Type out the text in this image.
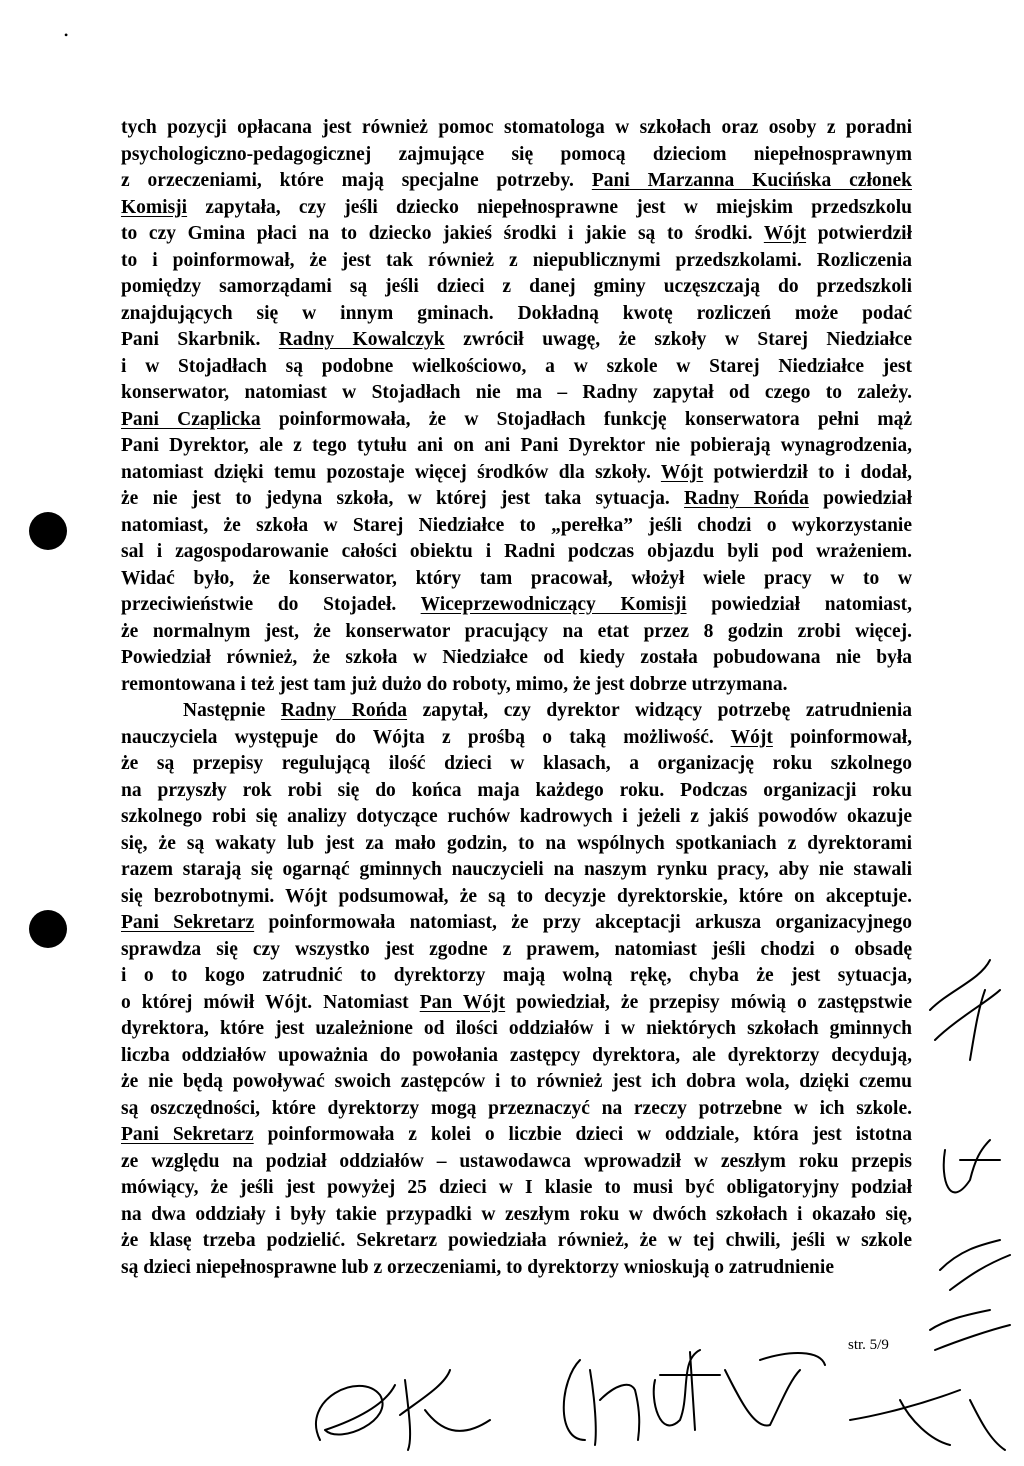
•
tych pozycji opłacana jest również pomoc stomatologa w szkołach oraz osoby z poradni
psychologiczno-pedagogicznej zajmujące się pomocą dzieciom niepełnosprawnym
z orzeczeniami, które mają specjalne potrzeby. Pani Marzanna Kucińska członek
Komisji zapytała, czy jeśli dziecko niepełnosprawne jest w miejskim przedszkolu
to czy Gmina płaci na to dziecko jakieś środki i jakie są to środki. Wójt potwierdził
to i poinformował, że jest tak również z niepublicznymi przedszkolami. Rozliczenia
pomiędzy samorządami są jeśli dzieci z danej gminy uczęszczają do przedszkoli
znajdujących się w innym gminach. Dokładną kwotę rozliczeń może podać
Pani Skarbnik. Radny Kowalczyk zwrócił uwagę, że szkoły w Starej Niedziałce
i w Stojadłach są podobne wielkościowo, a w szkole w Starej Niedziałce jest
konserwator, natomiast w Stojadłach nie ma – Radny zapytał od czego to zależy.
Pani Czaplicka poinformowała, że w Stojadłach funkcję konserwatora pełni mąż
Pani Dyrektor, ale z tego tytułu ani on ani Pani Dyrektor nie pobierają wynagrodzenia,
natomiast dzięki temu pozostaje więcej środków dla szkoły. Wójt potwierdził to i dodał,
że nie jest to jedyna szkoła, w której jest taka sytuacja. Radny Rońda powiedział
natomiast, że szkoła w Starej Niedziałce to „perełka” jeśli chodzi o wykorzystanie
sal i zagospodarowanie całości obiektu i Radni podczas objazdu byli pod wrażeniem.
Widać było, że konserwator, który tam pracował, włożył wiele pracy w to w
przeciwieństwie do Stojadeł. Wiceprzewodniczący Komisji powiedział natomiast,
że normalnym jest, że konserwator pracujący na etat przez 8 godzin zrobi więcej.
Powiedział również, że szkoła w Niedziałce od kiedy została pobudowana nie była
remontowana i też jest tam już dużo do roboty, mimo, że jest dobrze utrzymana.
Następnie Radny Rońda zapytał, czy dyrektor widzący potrzebę zatrudnienia
nauczyciela występuje do Wójta z prośbą o taką możliwość. Wójt poinformował,
że są przepisy regulującą ilość dzieci w klasach, a organizację roku szkolnego
na przyszły rok robi się do końca maja każdego roku. Podczas organizacji roku
szkolnego robi się analizy dotyczące ruchów kadrowych i jeżeli z jakiś powodów okazuje
się, że są wakaty lub jest za mało godzin, to na wspólnych spotkaniach z dyrektorami
razem starają się ogarnąć gminnych nauczycieli na naszym rynku pracy, aby nie stawali
się bezrobotnymi. Wójt podsumował, że są to decyzje dyrektorskie, które on akceptuje.
Pani Sekretarz poinformowała natomiast, że przy akceptacji arkusza organizacyjnego
sprawdza się czy wszystko jest zgodne z prawem, natomiast jeśli chodzi o obsadę
i o to kogo zatrudnić to dyrektorzy mają wolną rękę, chyba że jest sytuacja,
o której mówił Wójt. Natomiast Pan Wójt powiedział, że przepisy mówią o zastępstwie
dyrektora, które jest uzależnione od ilości oddziałów i w niektórych szkołach gminnych
liczba oddziałów upoważnia do powołania zastępcy dyrektora, ale dyrektorzy decydują,
że nie będą powoływać swoich zastępców i to również jest ich dobra wola, dzięki czemu
są oszczędności, które dyrektorzy mogą przeznaczyć na rzeczy potrzebne w ich szkole.
Pani Sekretarz poinformowała z kolei o liczbie dzieci w oddziale, która jest istotna
ze względu na podział oddziałów – ustawodawca wprowadził w zeszłym roku przepis
mówiący, że jeśli jest powyżej 25 dzieci w I klasie to musi być obligatoryjny podział
na dwa oddziały i były takie przypadki w zeszłym roku w dwóch szkołach i okazało się,
że klasę trzeba podzielić. Sekretarz powiedziała również, że w tej chwili, jeśli w szkole
są dzieci niepełnosprawne lub z orzeczeniami, to dyrektorzy wnioskują o zatrudnienie
str. 5/9
